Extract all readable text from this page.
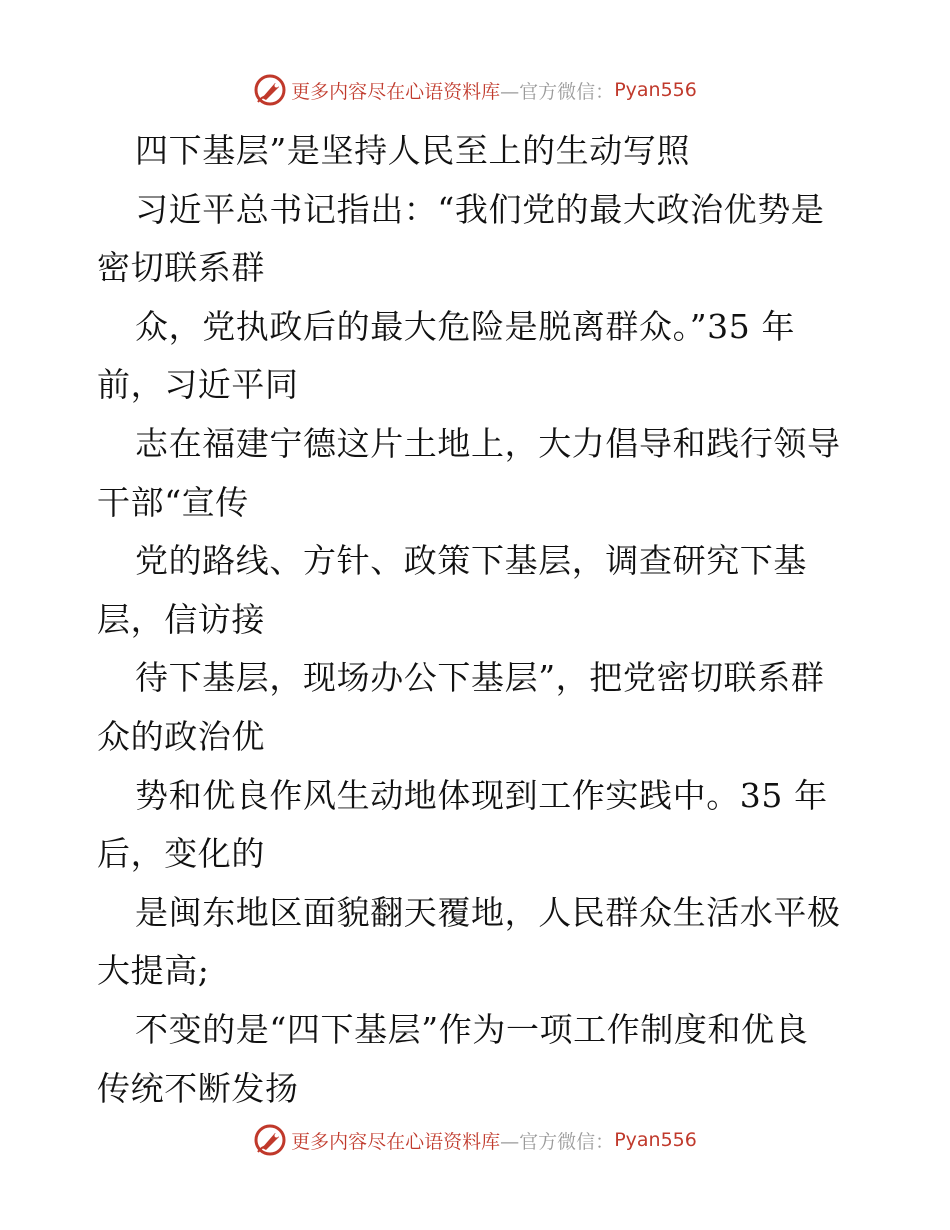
更多内容尽在心语资料库 —官方微信： Pyan556
四下基层”是坚持人民至上的生动写照
习近平总书记指出：“我们党的最大政治优势是
密切联系群
众，党执政后的最大危险是脱离群众。”35 年
前，习近平同
志在福建宁德这片土地上，大力倡导和践行领导
干部“宣传
党的路线、方针、政策下基层，调查研究下基
层，信访接
待下基层，现场办公下基层”，把党密切联系群
众的政治优
势和优良作风生动地体现到工作实践中。35 年
后，变化的
是闽东地区面貌翻天覆地，人民群众生活水平极
大提高;
不变的是“四下基层”作为一项工作制度和优良
传统不断发扬
更多内容尽在心语资料库 —官方微信： Pyan556
